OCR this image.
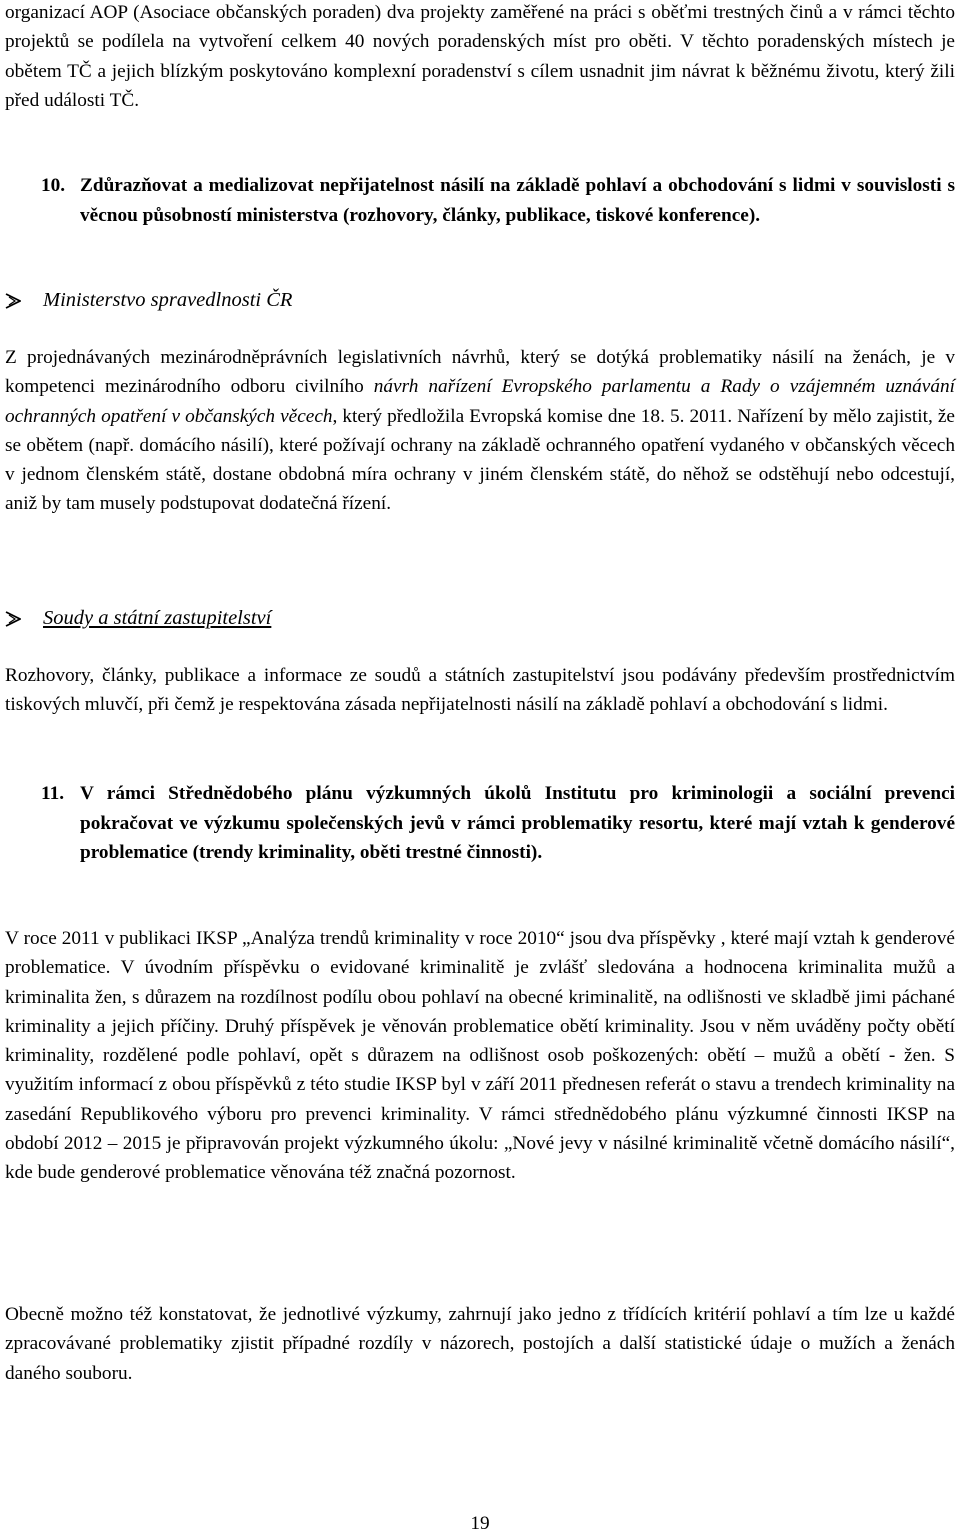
organizací AOP (Asociace občanských poraden) dva projekty zaměřené na práci s oběťmi trestných činů a v rámci těchto projektů se podílela na vytvoření celkem 40 nových poradenských míst pro oběti. V těchto poradenských místech je obětem TČ a jejich blízkým poskytováno komplexní poradenství s cílem usnadnit jim návrat k běžnému životu, který žili před události TČ.

10. Zdůrazňovat a medializovat nepřijatelnost násilí na základě pohlaví a obchodování s lidmi v souvislosti s věcnou působností ministerstva (rozhovory, články, publikace, tiskové konference).
Ministerstvo spravedlnosti ČR

Z projednávaných mezinárodněprávních legislativních návrhů, který se dotýká problematiky násilí na ženách, je v kompetenci mezinárodního odboru civilního návrh nařízení Evropského parlamentu a Rady o vzájemném uznávání ochranných opatření v občanských věcech, který předložila Evropská komise dne 18. 5. 2011. Nařízení by mělo zajistit, že se obětem (např. domácího násilí), které požívají ochrany na základě ochranného opatření vydaného v občanských věcech v jednom členském státě, dostane obdobná míra ochrany v jiném členském státě, do něhož se odstěhují nebo odcestují, aniž by tam musely podstupovat dodatečná řízení.

Soudy a státní zastupitelství

Rozhovory, články, publikace a informace ze soudů a státních zastupitelství jsou podávány především prostřednictvím tiskových mluvčí, při čemž je respektována zásada nepřijatelnosti násilí na základě pohlaví a obchodování s lidmi.

11. V rámci Střednědobého plánu výzkumných úkolů Institutu pro kriminologii a sociální prevenci pokračovat ve výzkumu společenských jevů v rámci problematiky resortu, které mají vztah k genderové problematice (trendy kriminality, oběti trestné činnosti).

V roce 2011 v publikaci IKSP „Analýza trendů kriminality v roce 2010“ jsou dva příspěvky , které mají vztah k genderové problematice. V úvodním příspěvku o evidované kriminalitě je zvlášť sledována a hodnocena kriminalita mužů a kriminalita žen, s důrazem na rozdílnost podílu obou pohlaví na obecné kriminalitě, na odlišnosti ve skladbě jimi páchané kriminality a jejich příčiny. Druhý příspěvek je věnován problematice obětí kriminality. Jsou v něm uváděny počty obětí kriminality, rozdělené podle pohlaví, opět s důrazem na odlišnost osob poškozených: obětí – mužů a obětí - žen. S využitím informací z obou příspěvků z této studie IKSP byl v září 2011 přednesen referát o stavu a trendech kriminality na zasedání Republikového výboru pro prevenci kriminality. V rámci střednědobého plánu výzkumné činnosti IKSP na období 2012 – 2015 je připravován projekt výzkumného úkolu: „Nové jevy v násilné kriminalitě včetně domácího násilí“, kde bude genderové problematice věnována též značná pozornost.

Obecně možno též konstatovat, že jednotlivé výzkumy, zahrnují jako jedno z třídících kritérií pohlaví a tím lze u každé zpracovávané problematiky zjistit případné rozdíly v názorech, postojích a další statistické údaje o mužích a ženách daného souboru.

19
